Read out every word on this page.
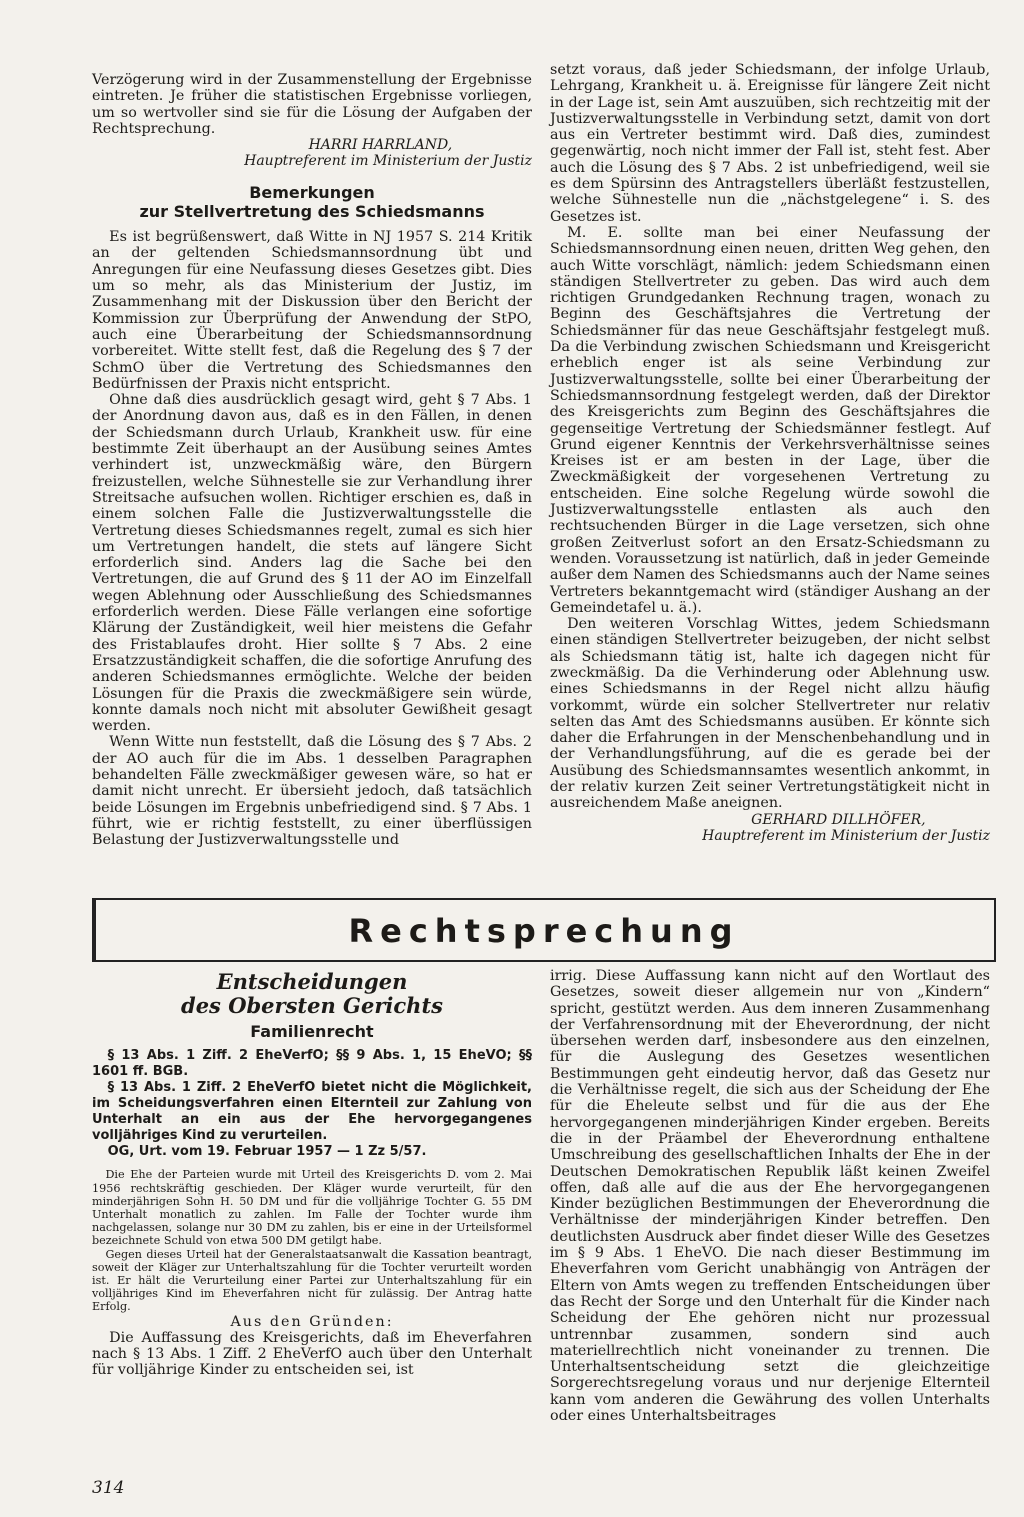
Verzögerung wird in der Zusammenstellung der Ergebnisse eintreten. Je früher die statistischen Ergebnisse vorliegen, um so wertvoller sind sie für die Lösung der Aufgaben der Rechtsprechung.

HARRI HARRLAND,

Hauptreferent im Ministerium der Justiz

Bemerkungen
zur Stellvertretung des Schiedsmanns

Es ist begrüßenswert, daß Witte in NJ 1957 S. 214 Kritik an der geltenden Schiedsmannsordnung übt und Anregungen für eine Neufassung dieses Gesetzes gibt. Dies um so mehr, als das Ministerium der Justiz, im Zusammenhang mit der Diskussion über den Bericht der Kommission zur Überprüfung der Anwendung der StPO, auch eine Überarbeitung der Schiedsmannsordnung vorbereitet. Witte stellt fest, daß die Regelung des § 7 der SchmO über die Vertretung des Schiedsmannes den Bedürfnissen der Praxis nicht entspricht.

Ohne daß dies ausdrücklich gesagt wird, geht § 7 Abs. 1 der Anordnung davon aus, daß es in den Fällen, in denen der Schiedsmann durch Urlaub, Krankheit usw. für eine bestimmte Zeit überhaupt an der Ausübung seines Amtes verhindert ist, unzweckmäßig wäre, den Bürgern freizustellen, welche Sühnestelle sie zur Verhandlung ihrer Streitsache aufsuchen wollen. Richtiger erschien es, daß in einem solchen Falle die Justizverwaltungsstelle die Vertretung dieses Schiedsmannes regelt, zumal es sich hier um Vertretungen handelt, die stets auf längere Sicht erforderlich sind. Anders lag die Sache bei den Vertretungen, die auf Grund des § 11 der AO im Einzelfall wegen Ablehnung oder Ausschließung des Schiedsmannes erforderlich werden. Diese Fälle verlangen eine sofortige Klärung der Zuständigkeit, weil hier meistens die Gefahr des Fristablaufes droht. Hier sollte § 7 Abs. 2 eine Ersatzzuständigkeit schaffen, die die sofortige Anrufung des anderen Schiedsmannes ermöglichte. Welche der beiden Lösungen für die Praxis die zweckmäßigere sein würde, konnte damals noch nicht mit absoluter Gewißheit gesagt werden.

Wenn Witte nun feststellt, daß die Lösung des § 7 Abs. 2 der AO auch für die im Abs. 1 desselben Paragraphen behandelten Fälle zweckmäßiger gewesen wäre, so hat er damit nicht unrecht. Er übersieht jedoch, daß tatsächlich beide Lösungen im Ergebnis unbefriedigend sind. § 7 Abs. 1 führt, wie er richtig feststellt, zu einer überflüssigen Belastung der Justizverwaltungsstelle und

setzt voraus, daß jeder Schiedsmann, der infolge Urlaub, Lehrgang, Krankheit u. ä. Ereignisse für längere Zeit nicht in der Lage ist, sein Amt auszuüben, sich rechtzeitig mit der Justizverwaltungsstelle in Verbindung setzt, damit von dort aus ein Vertreter bestimmt wird. Daß dies, zumindest gegenwärtig, noch nicht immer der Fall ist, steht fest. Aber auch die Lösung des § 7 Abs. 2 ist unbefriedigend, weil sie es dem Spürsinn des Antragstellers überläßt festzustellen, welche Sühnestelle nun die „nächstgelegene“ i. S. des Gesetzes ist.

M. E. sollte man bei einer Neufassung der Schiedsmannsordnung einen neuen, dritten Weg gehen, den auch Witte vorschlägt, nämlich: jedem Schiedsmann einen ständigen Stellvertreter zu geben. Das wird auch dem richtigen Grundgedanken Rechnung tragen, wonach zu Beginn des Geschäftsjahres die Vertretung der Schiedsmänner für das neue Geschäftsjahr festgelegt muß. Da die Verbindung zwischen Schiedsmann und Kreisgericht erheblich enger ist als seine Verbindung zur Justizverwaltungsstelle, sollte bei einer Überarbeitung der Schiedsmannsordnung festgelegt werden, daß der Direktor des Kreisgerichts zum Beginn des Geschäftsjahres die gegenseitige Vertretung der Schiedsmänner festlegt. Auf Grund eigener Kenntnis der Verkehrsverhältnisse seines Kreises ist er am besten in der Lage, über die Zweckmäßigkeit der vorgesehenen Vertretung zu entscheiden. Eine solche Regelung würde sowohl die Justizverwaltungsstelle entlasten als auch den rechtsuchenden Bürger in die Lage versetzen, sich ohne großen Zeitverlust sofort an den Ersatz-Schiedsmann zu wenden. Voraussetzung ist natürlich, daß in jeder Gemeinde außer dem Namen des Schiedsmanns auch der Name seines Vertreters bekanntgemacht wird (ständiger Aushang an der Gemeindetafel u. ä.).

Den weiteren Vorschlag Wittes, jedem Schiedsmann einen ständigen Stellvertreter beizugeben, der nicht selbst als Schiedsmann tätig ist, halte ich dagegen nicht für zweckmäßig. Da die Verhinderung oder Ablehnung usw. eines Schiedsmanns in der Regel nicht allzu häufig vorkommt, würde ein solcher Stellvertreter nur relativ selten das Amt des Schiedsmanns ausüben. Er könnte sich daher die Erfahrungen in der Menschenbehandlung und in der Verhandlungsführung, auf die es gerade bei der Ausübung des Schiedsmannsamtes wesentlich ankommt, in der relativ kurzen Zeit seiner Vertretungstätigkeit nicht in ausreichendem Maße aneignen.

GERHARD DILLHÖFER,

Hauptreferent im Ministerium der Justiz

Rechtsprechung
Entscheidungen
des Obersten Gerichts
Familienrecht

§ 13 Abs. 1 Ziff. 2 EheVerfO; §§ 9 Abs. 1, 15 EheVO; §§ 1601 ff. BGB.

§ 13 Abs. 1 Ziff. 2 EheVerfO bietet nicht die Möglichkeit, im Scheidungsverfahren einen Elternteil zur Zahlung von Unterhalt an ein aus der Ehe hervorgegangenes volljähriges Kind zu verurteilen.

OG, Urt. vom 19. Februar 1957 — 1 Zz 5/57.

Die Ehe der Parteien wurde mit Urteil des Kreisgerichts D. vom 2. Mai 1956 rechtskräftig geschieden. Der Kläger wurde verurteilt, für den minderjährigen Sohn H. 50 DM und für die volljährige Tochter G. 55 DM Unterhalt monatlich zu zahlen. Im Falle der Tochter wurde ihm nachgelassen, solange nur 30 DM zu zahlen, bis er eine in der Urteilsformel bezeichnete Schuld von etwa 500 DM getilgt habe.

Gegen dieses Urteil hat der Generalstaatsanwalt die Kassation beantragt, soweit der Kläger zur Unterhaltszahlung für die Tochter verurteilt worden ist. Er hält die Verurteilung einer Partei zur Unterhaltszahlung für ein volljähriges Kind im Eheverfahren nicht für zulässig. Der Antrag hatte Erfolg.

Aus den Gründen:

Die Auffassung des Kreisgerichts, daß im Eheverfahren nach § 13 Abs. 1 Ziff. 2 EheVerfO auch über den Unterhalt für volljährige Kinder zu entscheiden sei, ist

irrig. Diese Auffassung kann nicht auf den Wortlaut des Gesetzes, soweit dieser allgemein nur von „Kindern“ spricht, gestützt werden. Aus dem inneren Zusammenhang der Verfahrensordnung mit der Eheverordnung, der nicht übersehen werden darf, insbesondere aus den einzelnen, für die Auslegung des Gesetzes wesentlichen Bestimmungen geht eindeutig hervor, daß das Gesetz nur die Verhältnisse regelt, die sich aus der Scheidung der Ehe für die Eheleute selbst und für die aus der Ehe hervorgegangenen minderjährigen Kinder ergeben. Bereits die in der Präambel der Eheverordnung enthaltene Umschreibung des gesellschaftlichen Inhalts der Ehe in der Deutschen Demokratischen Republik läßt keinen Zweifel offen, daß alle auf die aus der Ehe hervorgegangenen Kinder bezüglichen Bestimmungen der Eheverordnung die Verhältnisse der minderjährigen Kinder betreffen. Den deutlichsten Ausdruck aber findet dieser Wille des Gesetzes im § 9 Abs. 1 EheVO. Die nach dieser Bestimmung im Eheverfahren vom Gericht unabhängig von Anträgen der Eltern von Amts wegen zu treffenden Entscheidungen über das Recht der Sorge und den Unterhalt für die Kinder nach Scheidung der Ehe gehören nicht nur prozessual untrennbar zusammen, sondern sind auch materiellrechtlich nicht voneinander zu trennen. Die Unterhaltsentscheidung setzt die gleichzeitige Sorgerechtsregelung voraus und nur derjenige Elternteil kann vom anderen die Gewährung des vollen Unterhalts oder eines Unterhaltsbeitrages

314
